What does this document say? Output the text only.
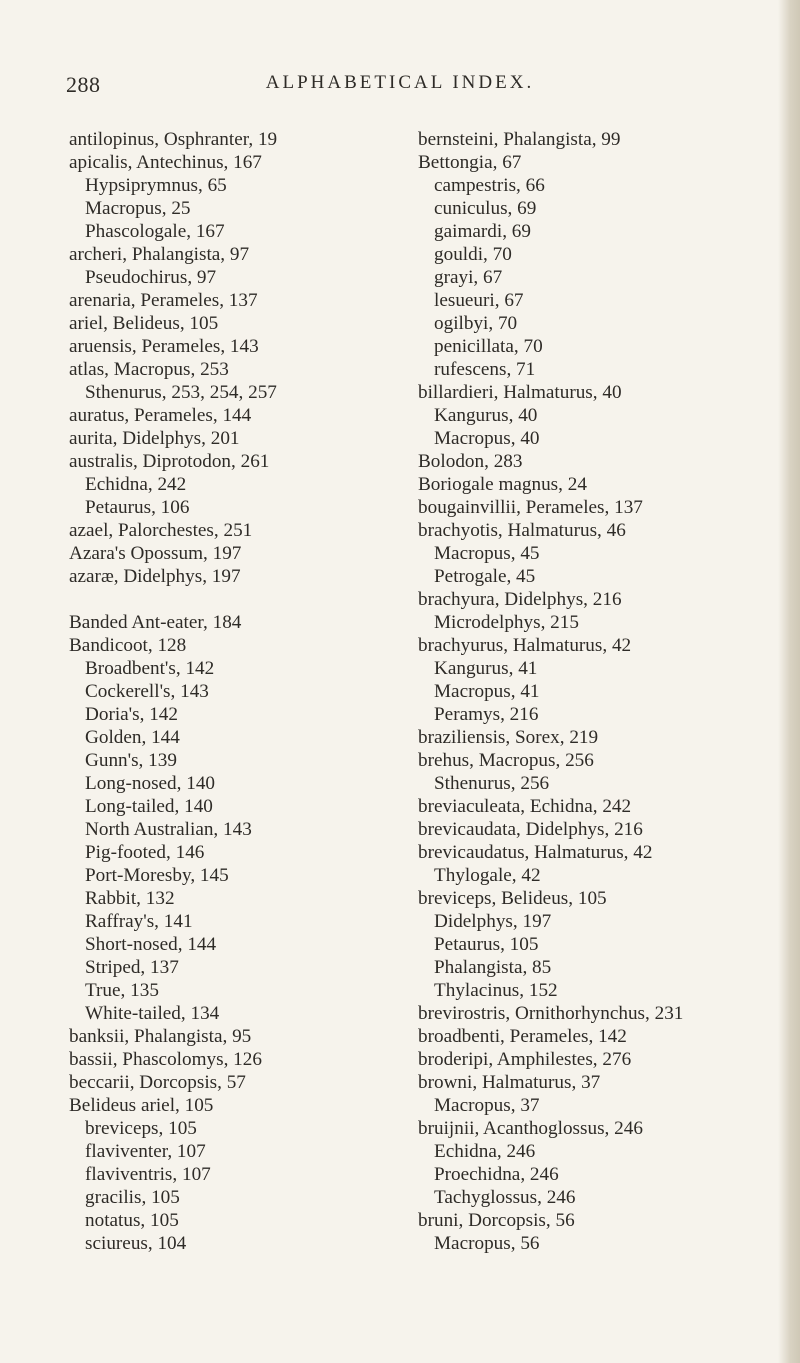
288	ALPHABETICAL INDEX.
antilopinus, Osphranter, 19
apicalis, Antechinus, 167
Hypsiprymnus, 65
Macropus, 25
Phascologale, 167
archeri, Phalangista, 97
Pseudochirus, 97
arenaria, Perameles, 137
ariel, Belideus, 105
aruensis, Perameles, 143
atlas, Macropus, 253
Sthenurus, 253, 254, 257
auratus, Perameles, 144
aurita, Didelphys, 201
australis, Diprotodon, 261
Echidna, 242
Petaurus, 106
azael, Palorchestes, 251
Azara's Opossum, 197
azaræ, Didelphys, 197
Banded Ant-eater, 184
Bandicoot, 128
Broadbent's, 142
Cockerell's, 143
Doria's, 142
Golden, 144
Gunn's, 139
Long-nosed, 140
Long-tailed, 140
North Australian, 143
Pig-footed, 146
Port-Moresby, 145
Rabbit, 132
Raffray's, 141
Short-nosed, 144
Striped, 137
True, 135
White-tailed, 134
banksii, Phalangista, 95
bassii, Phascolomys, 126
beccarii, Dorcopsis, 57
Belideus ariel, 105
breviceps, 105
flaviventer, 107
flaviventris, 107
gracilis, 105
notatus, 105
sciureus, 104
bernsteini, Phalangista, 99
Bettongia, 67
campestris, 66
cuniculus, 69
gaimardi, 69
gouldi, 70
grayi, 67
lesueuri, 67
ogilbyi, 70
penicillata, 70
rufescens, 71
billardieri, Halmaturus, 40
Kangurus, 40
Macropus, 40
Bolodon, 283
Boriogale magnus, 24
bougainvillii, Perameles, 137
brachyotis, Halmaturus, 46
Macropus, 45
Petrogale, 45
brachyura, Didelphys, 216
Microdelphys, 215
brachyurus, Halmaturus, 42
Kangurus, 41
Macropus, 41
Peramys, 216
braziliensis, Sorex, 219
brehus, Macropus, 256
Sthenurus, 256
breviaculeata, Echidna, 242
brevicaudata, Didelphys, 216
brevicaudatus, Halmaturus, 42
Thylogale, 42
breviceps, Belideus, 105
Didelphys, 197
Petaurus, 105
Phalangista, 85
Thylacinus, 152
brevirostris, Ornithorhynchus, 231
broadbenti, Perameles, 142
broderipi, Amphilestes, 276
browni, Halmaturus, 37
Macropus, 37
bruijnii, Acanthoglossus, 246
Echidna, 246
Proechidna, 246
Tachyglossus, 246
bruni, Dorcopsis, 56
Macropus, 56
